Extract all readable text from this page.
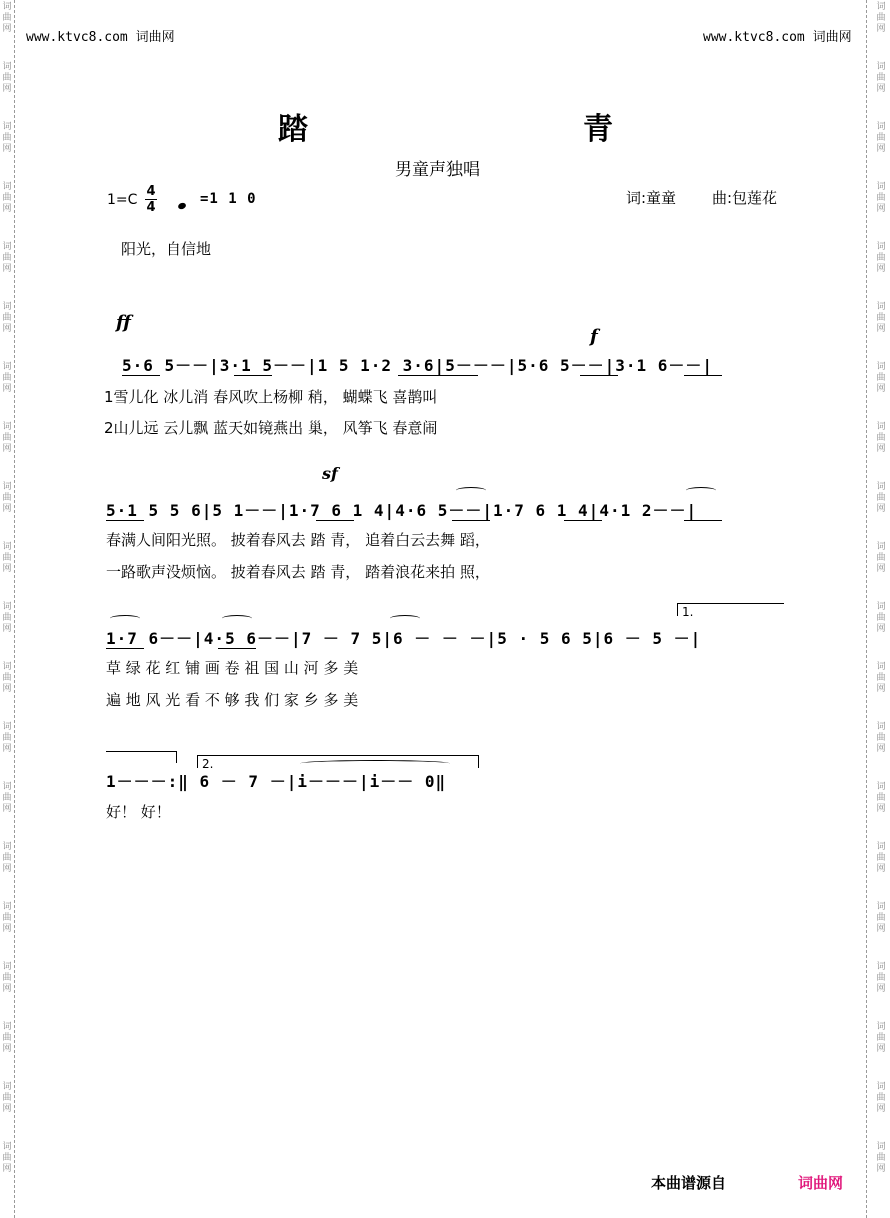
词
曲
网
词
曲
网
词
曲
网
词
曲
网
词
曲
网
词
曲
网
词
曲
网
词
曲
网
词
曲
网
词
曲
网
词
曲
网
词
曲
网
词
曲
网
词
曲
网
词
曲
网
词
曲
网
词
曲
网
词
曲
网
词
曲
网
词
曲
网
词
曲
网
词
曲
网
词
曲
网
词
曲
网
词
曲
网
词
曲
网
词
曲
网
词
曲
网
词
曲
网
词
曲
网
词
曲
网
词
曲
网
词
曲
网
词
曲
网
词
曲
网
词
曲
网
词
曲
网
词
曲
网
词
曲
网
词
曲
网
www.ktvc8.com 词曲网	www.ktvc8.com 词曲网
踏	青
男童声独唱
1=C
4
4
=1 1 0	词:童童 曲:包莲花
阳光，自信地
ff
f
sf
5·6 5－－|3·1 5－－|1 5 1·2 3·6|5－－－|5·6 5－－|3·1 6－－|
1雪儿化 冰儿消 春风吹上杨柳 稍， 蝴蝶飞 喜鹊叫
2山儿远 云儿飘 蓝天如镜燕出 巢， 风筝飞 春意闹
5·1 5 5 6|5 1－－|1·7 6 1 4|4·6 5－－|1·7 6 1 4|4·1 2－－|
春满人间阳光照。 披着春风去 踏 青， 追着白云去舞 蹈，
一路歌声没烦恼。 披着春风去 踏 青， 踏着浪花来拍 照，
1·7 6－－|4·5 6－－|7 － 7 5|6 － － －|5 · 5 6 5|6 － 5 －|
草 绿 花 红 铺 画 卷 祖 国 山 河 多 美
遍 地 风 光 看 不 够 我 们 家 乡 多 美
1.
1－－－:‖ 6 － 7 －|i－－－|i－－ 0‖
好！ 好！
2.
本曲谱源自	词曲网
